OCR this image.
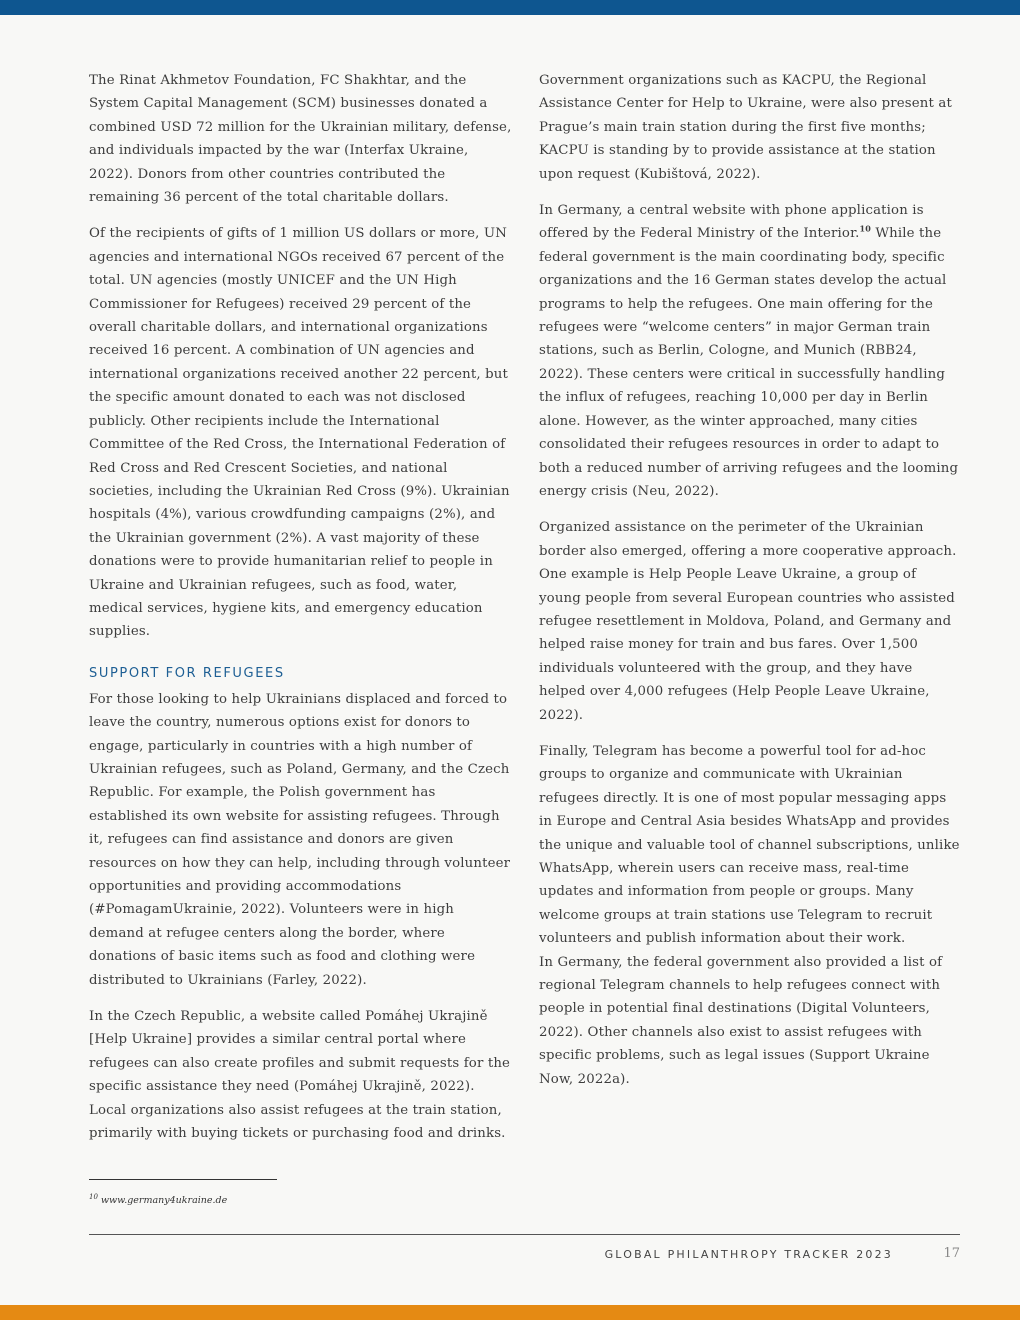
The Rinat Akhmetov Foundation, FC Shakhtar, and the System Capital Management (SCM) businesses donated a combined USD 72 million for the Ukrainian military, defense, and individuals impacted by the war (Interfax Ukraine, 2022). Donors from other countries contributed the remaining 36 percent of the total charitable dollars.

Of the recipients of gifts of 1 million US dollars or more, UN agencies and international NGOs received 67 percent of the total. UN agencies (mostly UNICEF and the UN High Commissioner for Refugees) received 29 percent of the overall charitable dollars, and international organizations received 16 percent. A combination of UN agencies and international organizations received another 22 percent, but the specific amount donated to each was not disclosed publicly. Other recipients include the International Committee of the Red Cross, the International Federation of Red Cross and Red Crescent Societies, and national societies, including the Ukrainian Red Cross (9%). Ukrainian hospitals (4%), various crowdfunding campaigns (2%), and the Ukrainian government (2%). A vast majority of these donations were to provide humanitarian relief to people in Ukraine and Ukrainian refugees, such as food, water, medical services, hygiene kits, and emergency education supplies.

SUPPORT FOR REFUGEES

For those looking to help Ukrainians displaced and forced to leave the country, numerous options exist for donors to engage, particularly in countries with a high number of Ukrainian refugees, such as Poland, Germany, and the Czech Republic. For example, the Polish government has established its own website for assisting refugees. Through it, refugees can find assistance and donors are given resources on how they can help, including through volunteer opportunities and providing accommodations (#PomagamUkrainie, 2022). Volunteers were in high demand at refugee centers along the border, where donations of basic items such as food and clothing were distributed to Ukrainians (Farley, 2022).

In the Czech Republic, a website called Pomáhej Ukrajině [Help Ukraine] provides a similar central portal where refugees can also create profiles and submit requests for the specific assistance they need (Pomáhej Ukrajině, 2022). Local organizations also assist refugees at the train station, primarily with buying tickets or purchasing food and drinks.

Government organizations such as KACPU, the Regional Assistance Center for Help to Ukraine, were also present at Prague’s main train station during the first five months; KACPU is standing by to provide assistance at the station upon request (Kubištová, 2022).

In Germany, a central website with phone application is offered by the Federal Ministry of the Interior.$^{10}$ While the federal government is the main coordinating body, specific organizations and the 16 German states develop the actual programs to help the refugees. One main offering for the refugees were “welcome centers” in major German train stations, such as Berlin, Cologne, and Munich (RBB24, 2022). These centers were critical in successfully handling the influx of refugees, reaching 10,000 per day in Berlin alone. However, as the winter approached, many cities consolidated their refugees resources in order to adapt to both a reduced number of arriving refugees and the looming energy crisis (Neu, 2022).

Organized assistance on the perimeter of the Ukrainian border also emerged, offering a more cooperative approach. One example is Help People Leave Ukraine, a group of young people from several European countries who assisted refugee resettlement in Moldova, Poland, and Germany and helped raise money for train and bus fares. Over 1,500 individuals volunteered with the group, and they have helped over 4,000 refugees (Help People Leave Ukraine, 2022).

Finally, Telegram has become a powerful tool for ad-hoc groups to organize and communicate with Ukrainian refugees directly. It is one of most popular messaging apps in Europe and Central Asia besides WhatsApp and provides the unique and valuable tool of channel subscriptions, unlike WhatsApp, wherein users can receive mass, real-time updates and information from people or groups. Many welcome groups at train stations use Telegram to recruit volunteers and publish information about their work.

In Germany, the federal government also provided a list of regional Telegram channels to help refugees connect with people in potential final destinations (Digital Volunteers, 2022). Other channels also exist to assist refugees with specific problems, such as legal issues (Support Ukraine Now, 2022a).

$^{10}$ www.germany4ukraine.de
GLOBAL PHILANTHROPY TRACKER 2023	17
